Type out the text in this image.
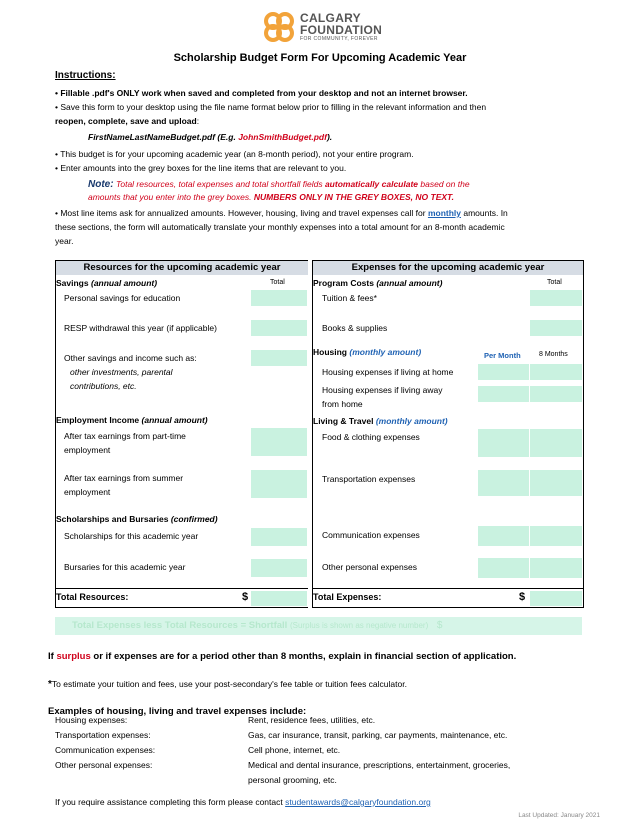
CALGARY
FOUNDATION
FOR COMMUNITY, FOREVER
Scholarship Budget Form For Upcoming Academic Year
Instructions:
• Fillable .pdf's ONLY work when saved and completed from your desktop and not an internet browser.
• Save this form to your desktop using the file name format below prior to filling in the relevant information and then
reopen, complete, save and upload:
FirstNameLastNameBudget.pdf (E.g. JohnSmithBudget.pdf).
• This budget is for your upcoming academic year (an 8-month period), not your entire program.
• Enter amounts into the grey boxes for the line items that are relevant to you.
Note: Total resources, total expenses and total shortfall fields automatically calculate based on the
amounts that you enter into the grey boxes. NUMBERS ONLY IN THE GREY BOXES, NO TEXT.
• Most line items ask for annualized amounts. However, housing, living and travel expenses call for monthly amounts. In
these sections, the form will automatically translate your monthly expenses into a total amount for an 8-month academic
year.
Resources for the upcoming academic year
Savings (annual amount)	Total
Personal savings for education
RESP withdrawal this year (if applicable)
Other savings and income such as:
other investments, parental
contributions, etc.
Employment Income (annual amount)
After tax earnings from part-time
employment
After tax earnings from summer
employment
Scholarships and Bursaries (confirmed)
Scholarships for this academic year
Bursaries for this academic year
Total Resources:	$
Expenses for the upcoming academic year
Program Costs (annual amount)	Total
Tuition & fees*
Books & supplies
Housing (monthly amount)	Per Month	8 Months
Housing expenses if living at home
Housing expenses if living away
from home
Living & Travel (monthly amount)
Food & clothing expenses
Transportation expenses
Communication expenses
Other personal expenses
Total Expenses:	$
Total Expenses less Total Resources = Shortfall (Surplus is shown as negative number) $
If surplus or if expenses are for a period other than 8 months, explain in financial section of application.
*To estimate your tuition and fees, use your post-secondary's fee table or tuition fees calculator.
Examples of housing, living and travel expenses include:
Housing expenses:	Rent, residence fees, utilities, etc.
Transportation expenses:	Gas, car insurance, transit, parking, car payments, maintenance, etc.
Communication expenses:	Cell phone, internet, etc.
Other personal expenses:	Medical and dental insurance, prescriptions, entertainment, groceries,
personal grooming, etc.
If you require assistance completing this form please contact studentawards@calgaryfoundation.org
Last Updated: January 2021
